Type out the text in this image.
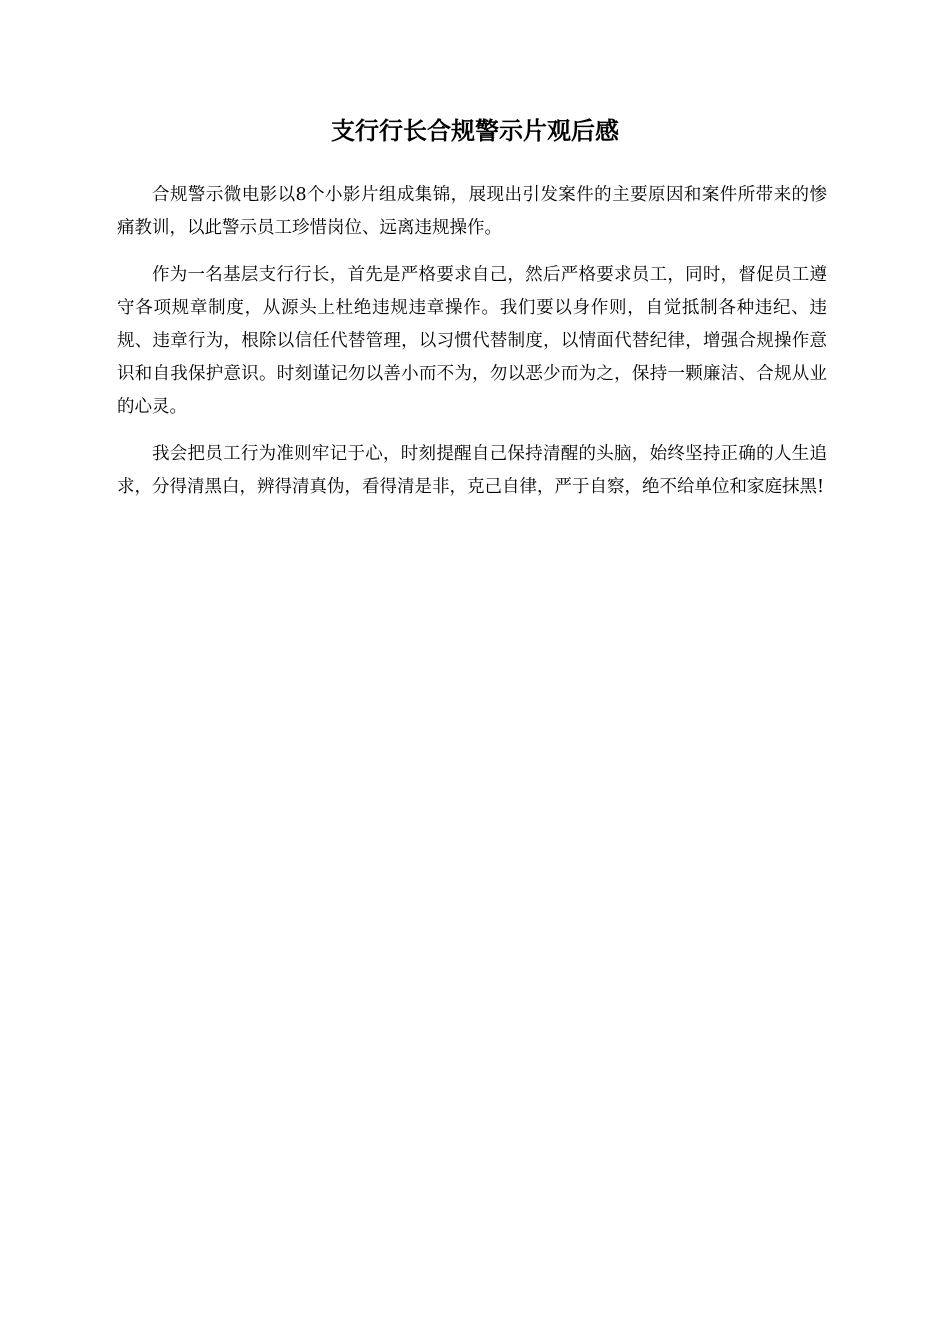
支行行长合规警示片观后感

合规警示微电影以8个小影片组成集锦，展现出引发案件的主要原因和案件所带来的惨痛教训，以此警示员工珍惜岗位、远离违规操作。

作为一名基层支行行长，首先是严格要求自己，然后严格要求员工，同时，督促员工遵守各项规章制度，从源头上杜绝违规违章操作。我们要以身作则，自觉抵制各种违纪、违规、违章行为，根除以信任代替管理，以习惯代替制度，以情面代替纪律，增强合规操作意识和自我保护意识。时刻谨记勿以善小而不为，勿以恶少而为之，保持一颗廉洁、合规从业的心灵。

我会把员工行为准则牢记于心，时刻提醒自己保持清醒的头脑，始终坚持正确的人生追求，分得清黑白，辨得清真伪，看得清是非，克己自律，严于自察，绝不给单位和家庭抹黑!
